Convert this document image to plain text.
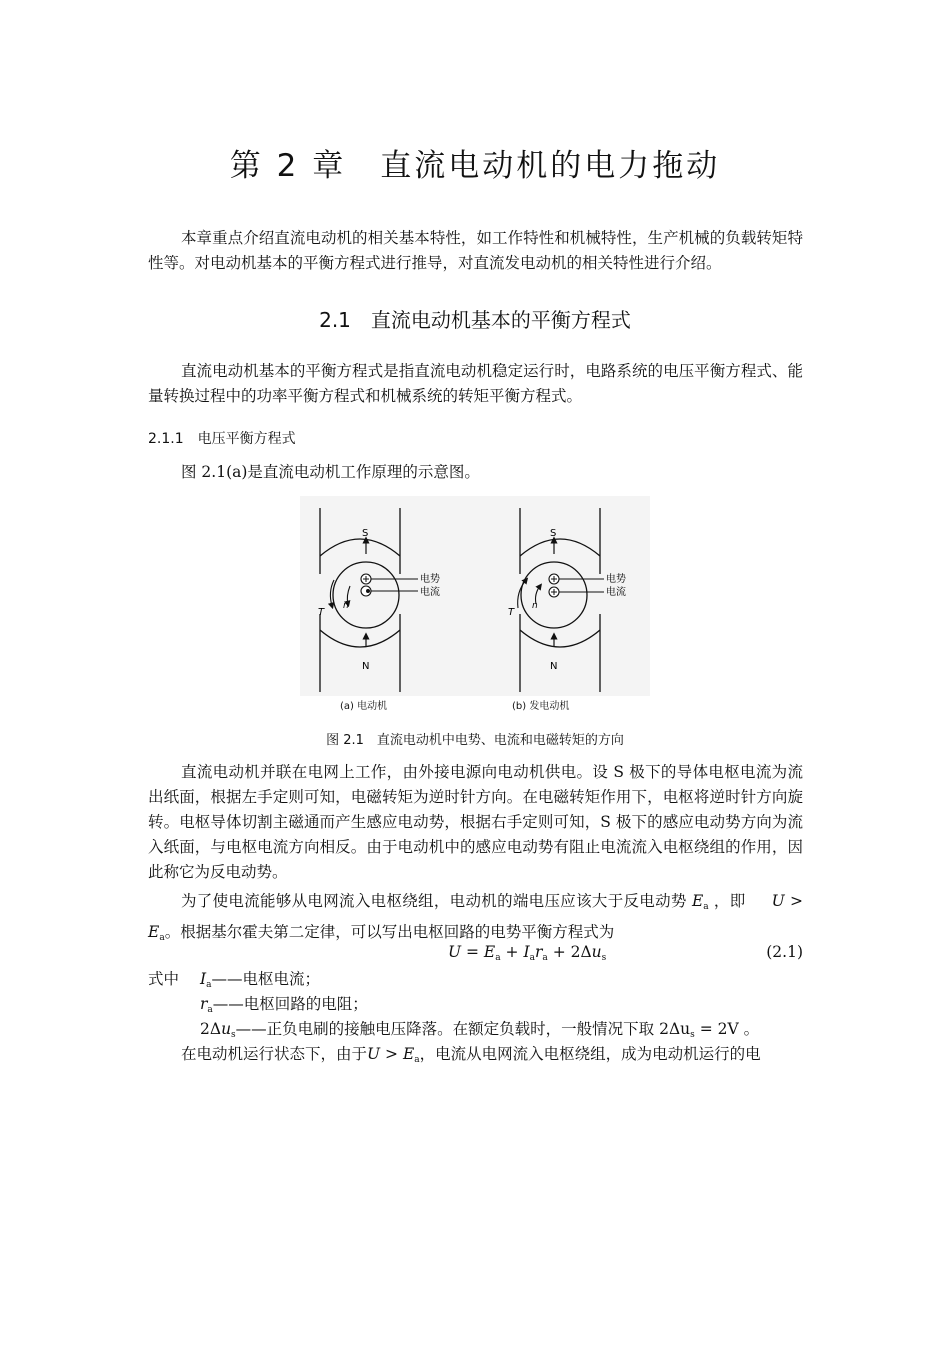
第 2 章　直流电动机的电力拖动

本章重点介绍直流电动机的相关基本特性，如工作特性和机械特性，生产机械的负载转矩特性等。对电动机基本的平衡方程式进行推导，对直流发电动机的相关特性进行介绍。

2.1　直流电动机基本的平衡方程式

直流电动机基本的平衡方程式是指直流电动机稳定运行时，电路系统的电压平衡方程式、能量转换过程中的功率平衡方程式和机械系统的转矩平衡方程式。

2.1.1　电压平衡方程式

图 2.1(a)是直流电动机工作原理的示意图。

S
N
电势
电流
T
n
S
N
电势
电流
T
n
(a) 电动机	(b) 发电动机
图 2.1　直流电动机中电势、电流和电磁转矩的方向

直流电动机并联在电网上工作，由外接电源向电动机供电。设 S 极下的导体电枢电流为流出纸面，根据左手定则可知，电磁转矩为逆时针方向。在电磁转矩作用下，电枢将逆时针方向旋转。电枢导体切割主磁通而产生感应电动势，根据右手定则可知，S 极下的感应电动势方向为流入纸面，与电枢电流方向相反。由于电动机中的感应电动势有阻止电流流入电枢绕组的作用，因此称它为反电动势。

为了使电流能够从电网流入电枢绕组，电动机的端电压应该大于反电动势 $E_a$ ，即 $U > E_a$。根据基尔霍夫第二定律，可以写出电枢回路的电势平衡方程式为

$U = E_a + I_ar_a + 2\Delta u_s$	(2.1)
式中 $I_a——$电枢电流；
$r_a——$电枢回路的电阻；
$2\Delta u_s——$正负电刷的接触电压降落。在额定负载时，一般情况下取 $2\Delta u_s = 2V$ 。

在电动机运行状态下，由于$U > E_a$，电流从电网流入电枢绕组，成为电动机运行的电
